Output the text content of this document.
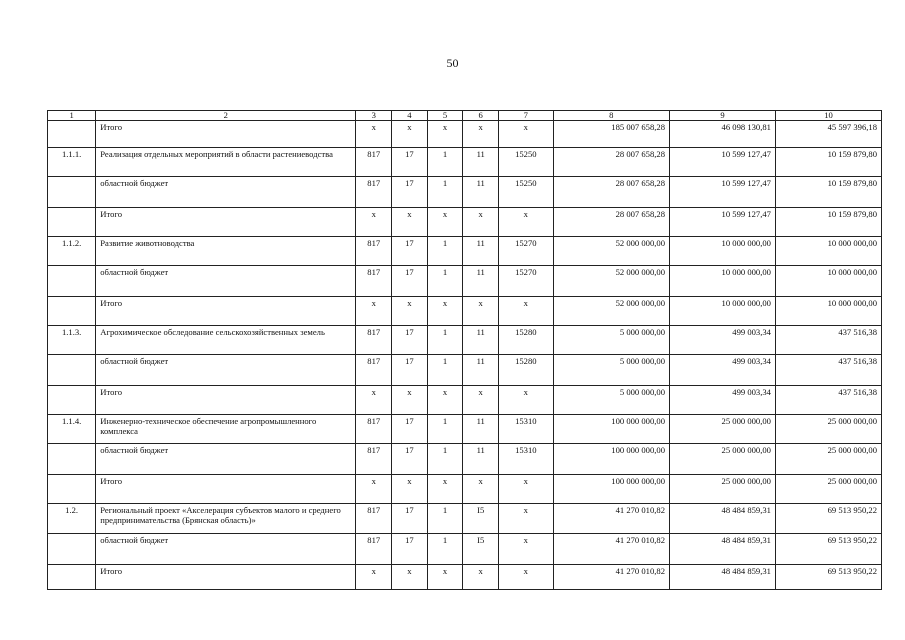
50
1	2	3	4	5	6	7	8	9	10
	Итого	x	x	x	x	x	185 007 658,28	46 098 130,81	45 597 396,18
1.1.1.	Реализация отдельных мероприятий в области растениеводства	817	17	1	11	15250	28 007 658,28	10 599 127,47	10 159 879,80
	областной бюджет	817	17	1	11	15250	28 007 658,28	10 599 127,47	10 159 879,80
	Итого	x	x	x	x	x	28 007 658,28	10 599 127,47	10 159 879,80
1.1.2.	Развитие животноводства	817	17	1	11	15270	52 000 000,00	10 000 000,00	10 000 000,00
	областной бюджет	817	17	1	11	15270	52 000 000,00	10 000 000,00	10 000 000,00
	Итого	x	x	x	x	x	52 000 000,00	10 000 000,00	10 000 000,00
1.1.3.	Агрохимическое обследование сельскохозяйственных земель	817	17	1	11	15280	5 000 000,00	499 003,34	437 516,38
	областной бюджет	817	17	1	11	15280	5 000 000,00	499 003,34	437 516,38
	Итого	x	x	x	x	x	5 000 000,00	499 003,34	437 516,38
1.1.4.	Инженерно-техническое обеспечение агропромышленного комплекса	817	17	1	11	15310	100 000 000,00	25 000 000,00	25 000 000,00
	областной бюджет	817	17	1	11	15310	100 000 000,00	25 000 000,00	25 000 000,00
	Итого	x	x	x	x	x	100 000 000,00	25 000 000,00	25 000 000,00
1.2.	Региональный проект «Акселерация субъектов малого и среднего предпринимательства (Брянская область)»	817	17	1	I5	x	41 270 010,82	48 484 859,31	69 513 950,22
	областной бюджет	817	17	1	I5	x	41 270 010,82	48 484 859,31	69 513 950,22
	Итого	x	x	x	x	x	41 270 010,82	48 484 859,31	69 513 950,22
